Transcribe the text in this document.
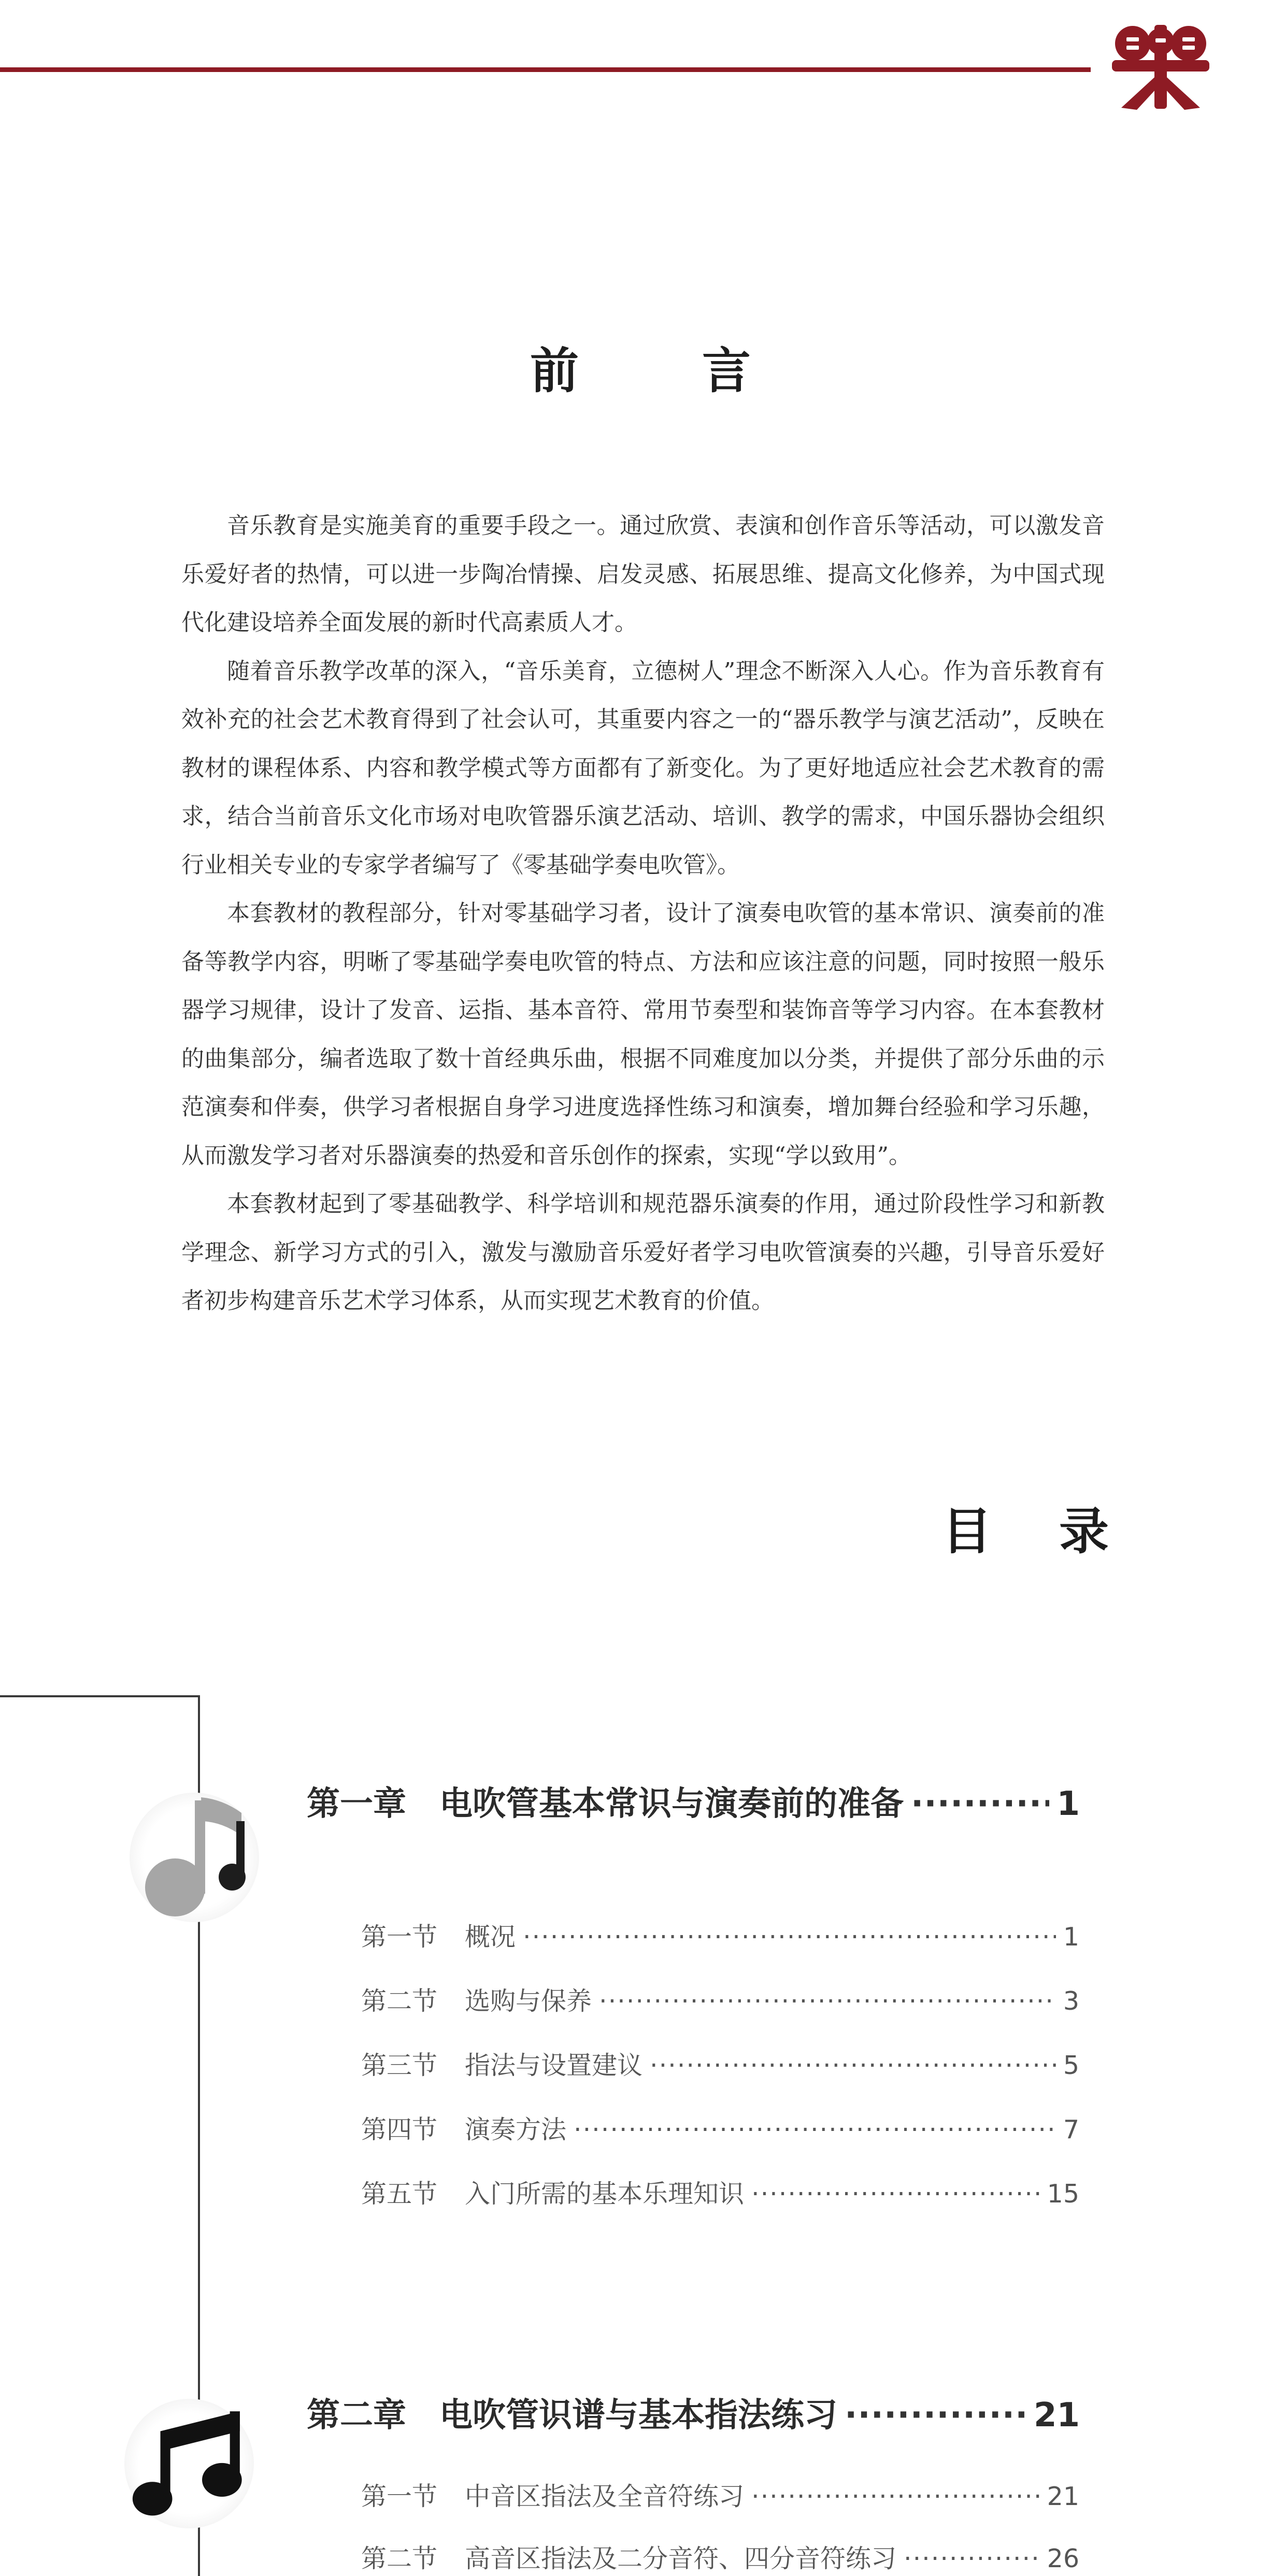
前 言

音乐教育是实施美育的重要手段之一。通过欣赏、表演和创作音乐等活动，可以激发音乐爱好者的热情，可以进一步陶冶情操、启发灵感、拓展思维、提高文化修养，为中国式现代化建设培养全面发展的新时代高素质人才。

随着音乐教学改革的深入，“音乐美育，立德树人”理念不断深入人心。作为音乐教育有效补充的社会艺术教育得到了社会认可，其重要内容之一的“器乐教学与演艺活动”，反映在教材的课程体系、内容和教学模式等方面都有了新变化。为了更好地适应社会艺术教育的需求，结合当前音乐文化市场对电吹管器乐演艺活动、培训、教学的需求，中国乐器协会组织行业相关专业的专家学者编写了《零基础学奏电吹管》。

本套教材的教程部分，针对零基础学习者，设计了演奏电吹管的基本常识、演奏前的准备等教学内容，明晰了零基础学奏电吹管的特点、方法和应该注意的问题，同时按照一般乐器学习规律，设计了发音、运指、基本音符、常用节奏型和装饰音等学习内容。在本套教材的曲集部分，编者选取了数十首经典乐曲，根据不同难度加以分类，并提供了部分乐曲的示范演奏和伴奏，供学习者根据自身学习进度选择性练习和演奏，增加舞台经验和学习乐趣，从而激发学习者对乐器演奏的热爱和音乐创作的探索，实现“学以致用”。

本套教材起到了零基础教学、科学培训和规范器乐演奏的作用，通过阶段性学习和新教学理念、新学习方式的引入，激发与激励音乐爱好者学习电吹管演奏的兴趣，引导音乐爱好者初步构建音乐艺术学习体系，从而实现艺术教育的价值。

目 录
第一章 电吹管基本常识与演奏前的准备 ·····	1
第一节	概况 ·····	1
第二节	选购与保养 ·····	3
第三节	指法与设置建议 ·····	5
第四节	演奏方法 ·····	7
第五节	入门所需的基本乐理知识 ·····	15
第二章 电吹管识谱与基本指法练习 ·····	21
第一节	中音区指法及全音符练习 ·····	21
第二节	高音区指法及二分音符、四分音符练习 ·····	26
